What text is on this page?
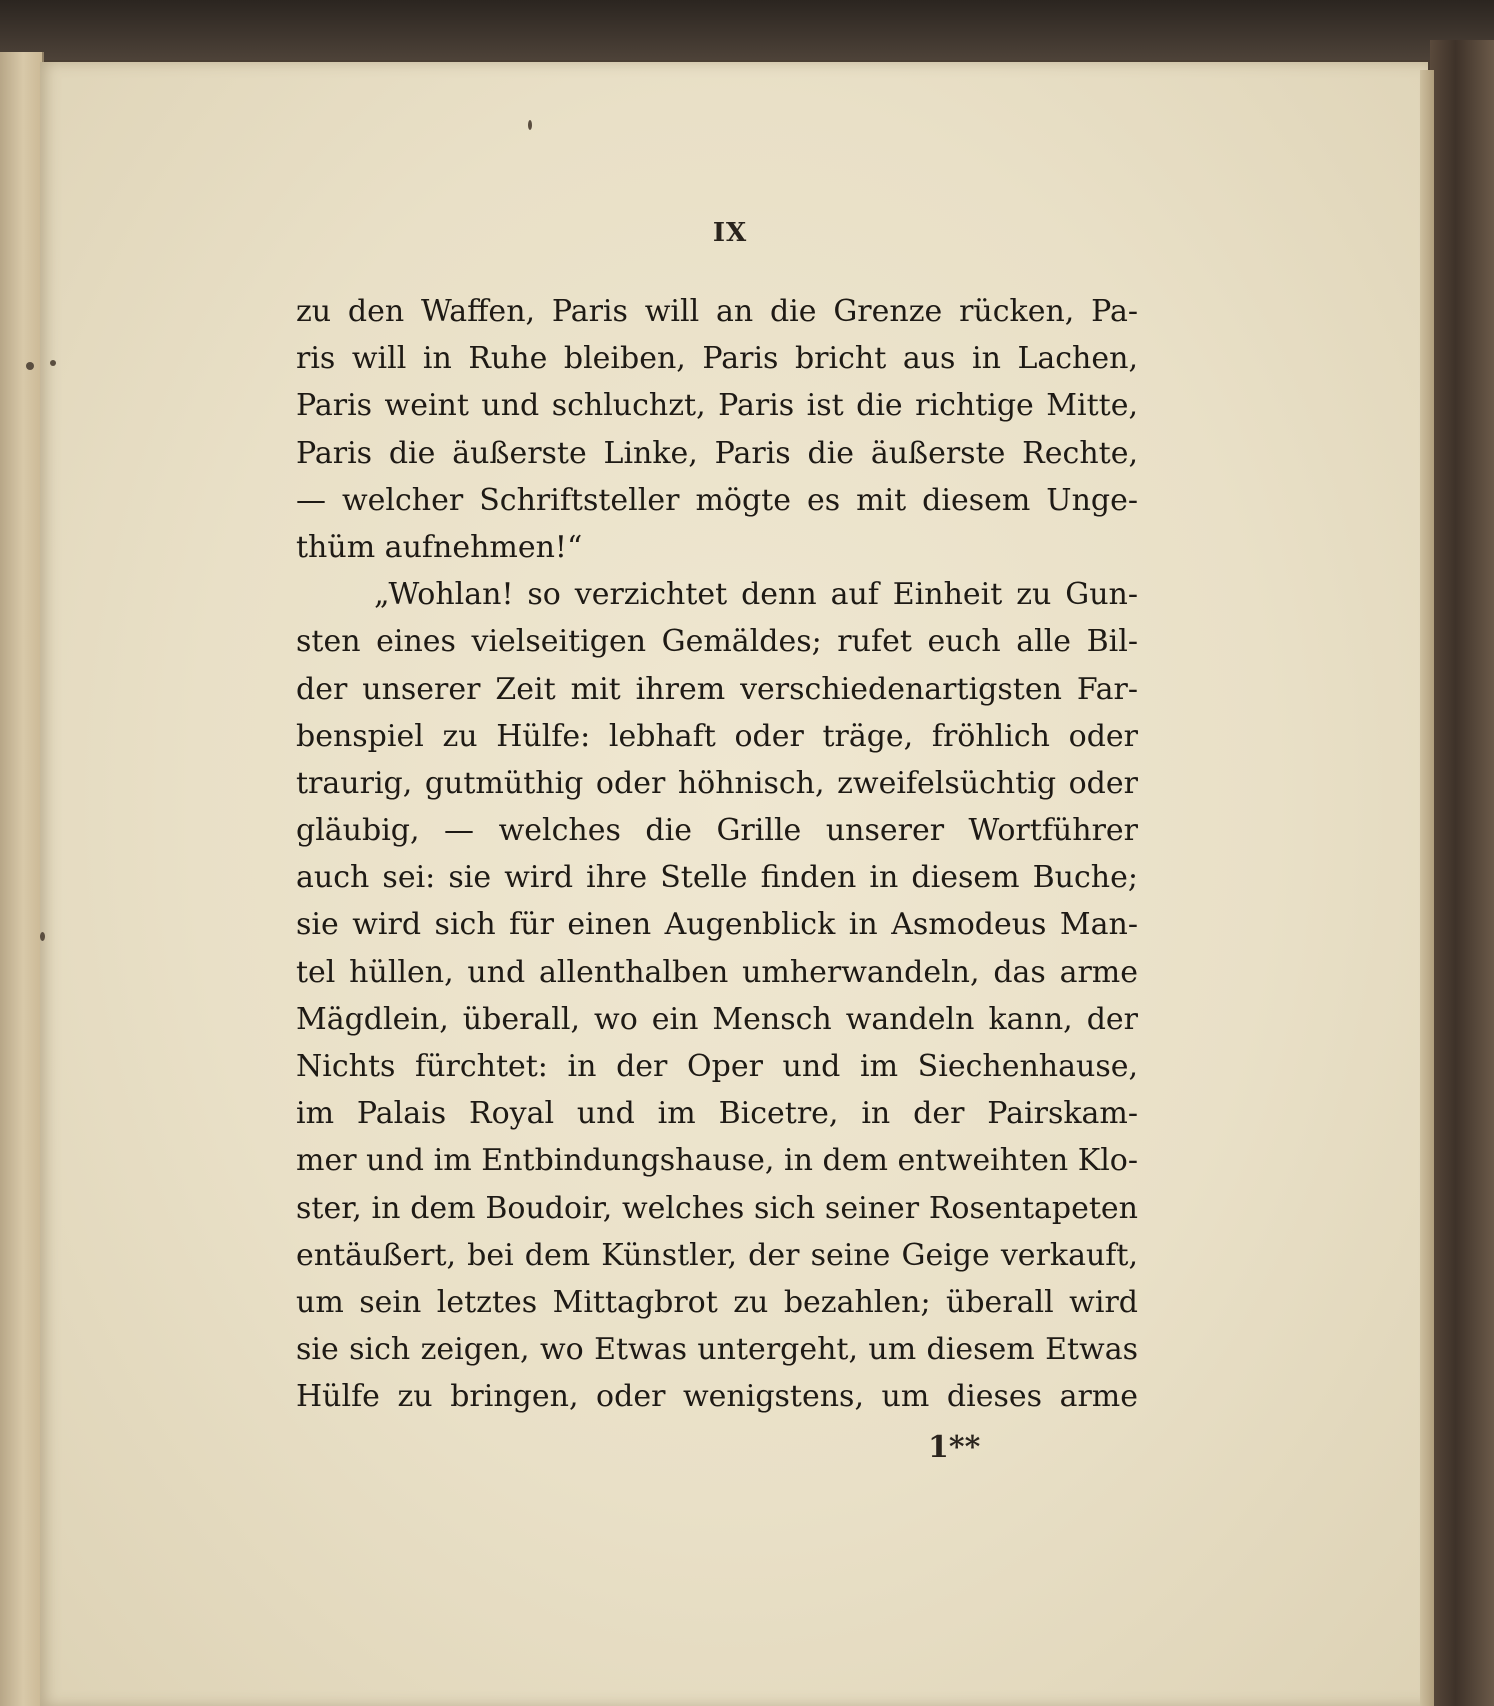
IX
zu den Waffen, Paris will an die Grenze rücken, Pa-
ris will in Ruhe bleiben, Paris bricht aus in Lachen,
Paris weint und schluchzt, Paris ist die richtige Mitte,
Paris die äußerste Linke, Paris die äußerste Rechte,
— welcher Schriftsteller mögte es mit diesem Unge-
thüm aufnehmen!“
„Wohlan! so verzichtet denn auf Einheit zu Gun-
sten eines vielseitigen Gemäldes; rufet euch alle Bil-
der unserer Zeit mit ihrem verschiedenartigsten Far-
benspiel zu Hülfe: lebhaft oder träge, fröhlich oder
traurig, gutmüthig oder höhnisch, zweifelsüchtig oder
gläubig, — welches die Grille unserer Wortführer
auch sei: sie wird ihre Stelle finden in diesem Buche;
sie wird sich für einen Augenblick in Asmodeus Man-
tel hüllen, und allenthalben umherwandeln, das arme
Mägdlein, überall, wo ein Mensch wandeln kann, der
Nichts fürchtet: in der Oper und im Siechenhause,
im Palais Royal und im Bicetre, in der Pairskam-
mer und im Entbindungshause, in dem entweihten Klo-
ster, in dem Boudoir, welches sich seiner Rosentapeten
entäußert, bei dem Künstler, der seine Geige verkauft,
um sein letztes Mittagbrot zu bezahlen; überall wird
sie sich zeigen, wo Etwas untergeht, um diesem Etwas
Hülfe zu bringen, oder wenigstens, um dieses arme
1**
